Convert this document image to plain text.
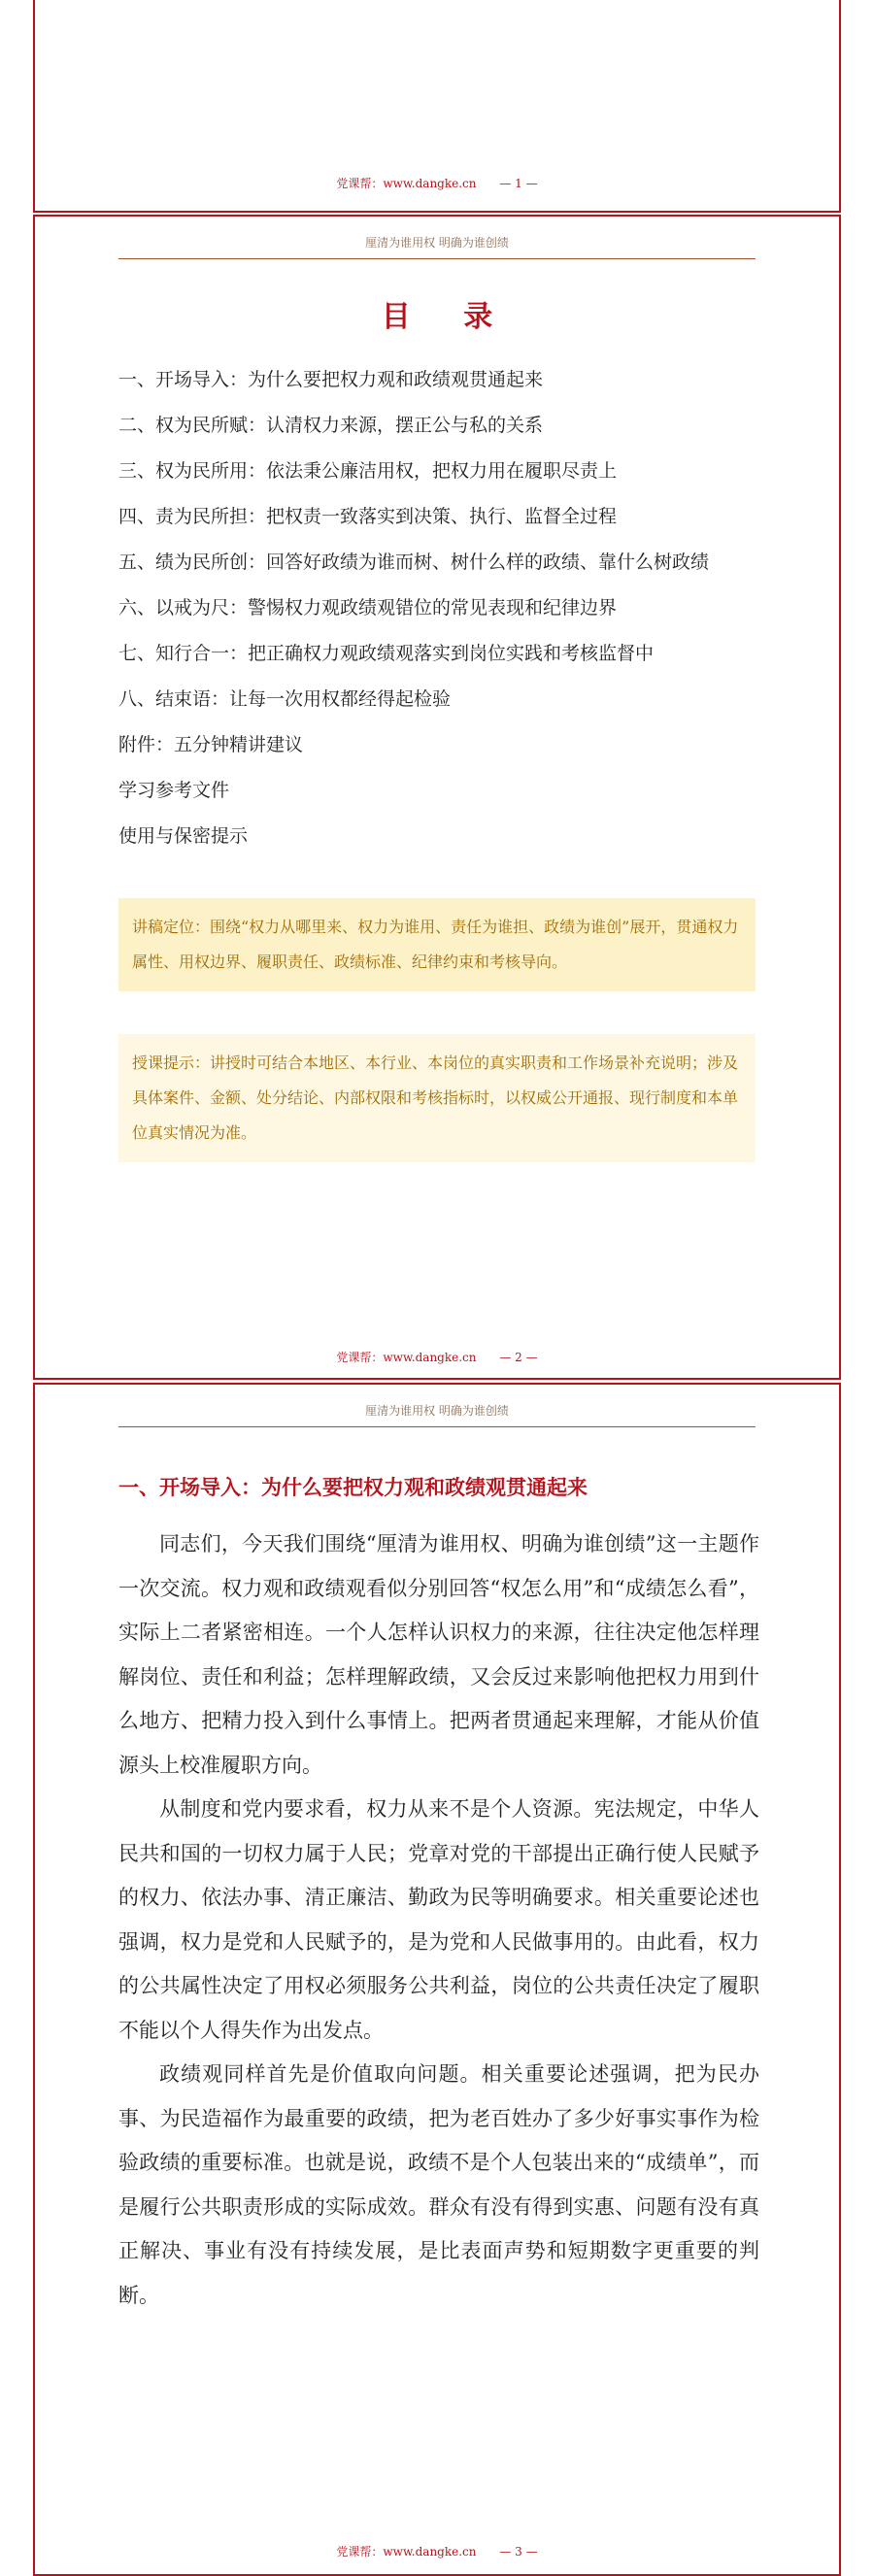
党课帮：www.dangke.cn — 1 —
厘清为谁用权 明确为谁创绩
目 录
一、开场导入：为什么要把权力观和政绩观贯通起来
二、权为民所赋：认清权力来源，摆正公与私的关系
三、权为民所用：依法秉公廉洁用权，把权力用在履职尽责上
四、责为民所担：把权责一致落实到决策、执行、监督全过程
五、绩为民所创：回答好政绩为谁而树、树什么样的政绩、靠什么树政绩
六、以戒为尺：警惕权力观政绩观错位的常见表现和纪律边界
七、知行合一：把正确权力观政绩观落实到岗位实践和考核监督中
八、结束语：让每一次用权都经得起检验
附件：五分钟精讲建议
学习参考文件
使用与保密提示
讲稿定位：围绕“权力从哪里来、权力为谁用、责任为谁担、政绩为谁创”展开，贯通权力属性、用权边界、履职责任、政绩标准、纪律约束和考核导向。
授课提示：讲授时可结合本地区、本行业、本岗位的真实职责和工作场景补充说明；涉及具体案件、金额、处分结论、内部权限和考核指标时，以权威公开通报、现行制度和本单位真实情况为准。
党课帮：www.dangke.cn — 2 —
厘清为谁用权 明确为谁创绩
一、开场导入：为什么要把权力观和政绩观贯通起来

同志们，今天我们围绕“厘清为谁用权、明确为谁创绩”这一主题作一次交流。权力观和政绩观看似分别回答“权怎么用”和“成绩怎么看”，实际上二者紧密相连。一个人怎样认识权力的来源，往往决定他怎样理解岗位、责任和利益；怎样理解政绩，又会反过来影响他把权力用到什么地方、把精力投入到什么事情上。把两者贯通起来理解，才能从价值源头上校准履职方向。

从制度和党内要求看，权力从来不是个人资源。宪法规定，中华人民共和国的一切权力属于人民；党章对党的干部提出正确行使人民赋予的权力、依法办事、清正廉洁、勤政为民等明确要求。相关重要论述也强调，权力是党和人民赋予的，是为党和人民做事用的。由此看，权力的公共属性决定了用权必须服务公共利益，岗位的公共责任决定了履职不能以个人得失作为出发点。

政绩观同样首先是价值取向问题。相关重要论述强调，把为民办事、为民造福作为最重要的政绩，把为老百姓办了多少好事实事作为检验政绩的重要标准。也就是说，政绩不是个人包装出来的“成绩单”，而是履行公共职责形成的实际成效。群众有没有得到实惠、问题有没有真正解决、事业有没有持续发展，是比表面声势和短期数字更重要的判断。

党课帮：www.dangke.cn — 3 —
